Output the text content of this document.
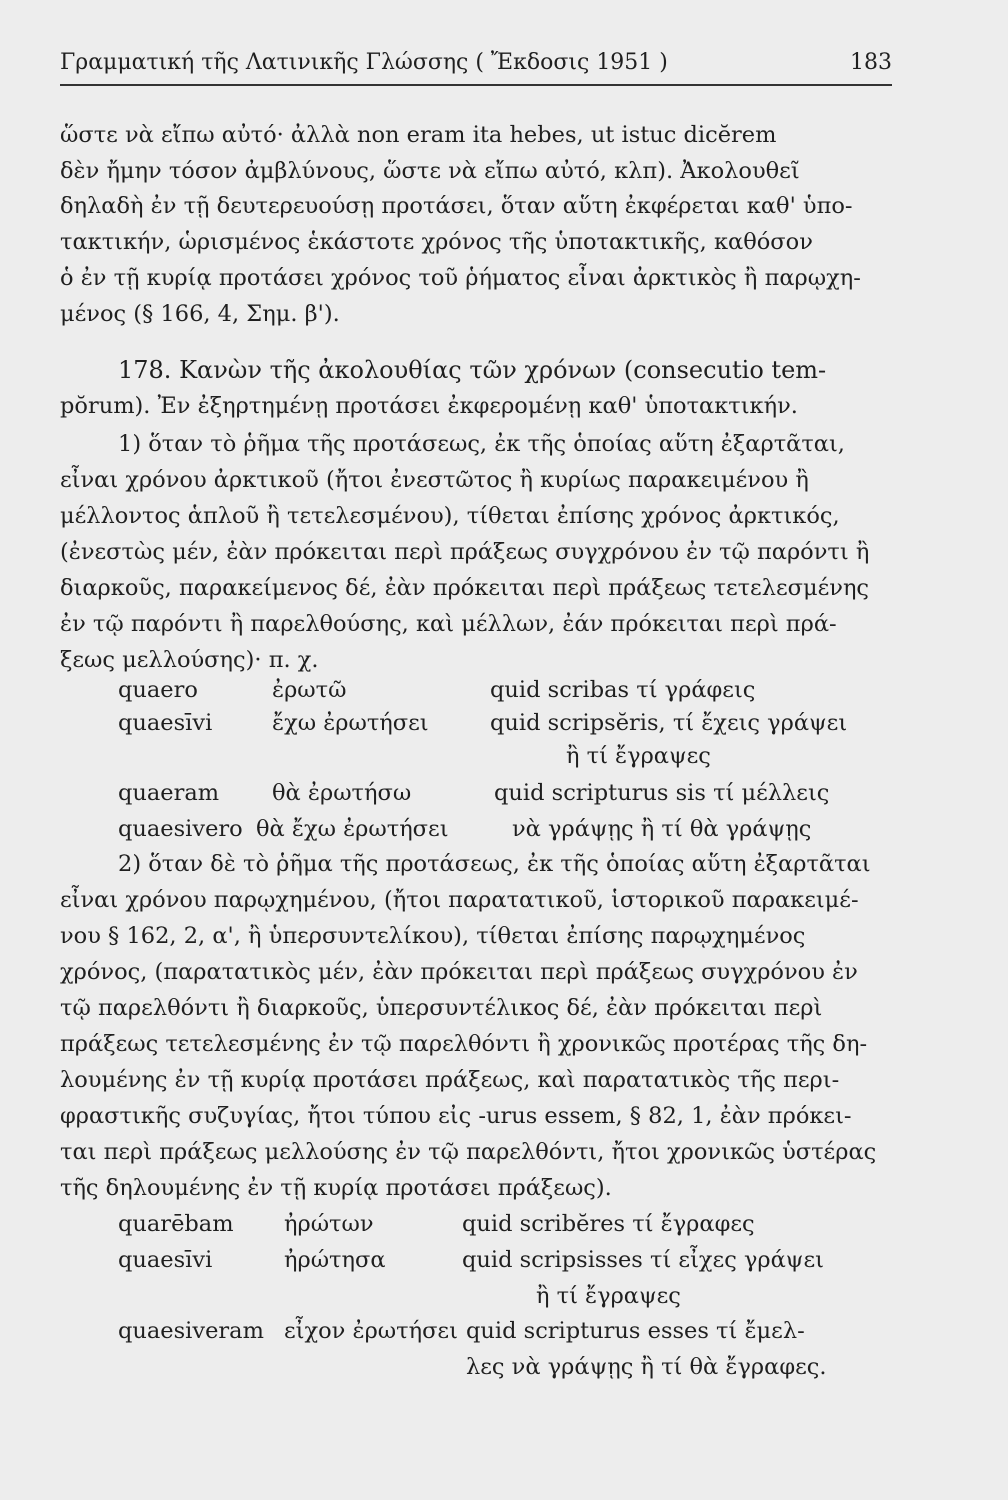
Γραμματική τῆς Λατινικῆς Γλώσσης ( Ἔκδοσις 1951 )	183
ὥστε νὰ εἴπω αὐτό· ἀλλὰ non eram ita hebes, ut istuc dicĕrem
δὲν ἤμην τόσον ἀμβλύνους, ὥστε νὰ εἴπω αὐτό, κλπ). Ἀκολουθεῖ
δηλαδὴ ἐν τῇ δευτερευούσῃ προτάσει, ὅταν αὕτη ἐκφέρεται καθ' ὑπο-
τακτικήν, ὡρισμένος ἑκάστοτε χρόνος τῆς ὑποτακτικῆς, καθόσον
ὁ ἐν τῇ κυρίᾳ προτάσει χρόνος τοῦ ῥήματος εἶναι ἀρκτικὸς ἢ παρῳχη-
μένος (§ 166, 4, Σημ. β').
178. Κανὼν τῆς ἀκολουθίας τῶν χρόνων (consecutio tem-
pŏrum). Ἐν ἐξηρτημένῃ προτάσει ἐκφερομένῃ καθ' ὑποτακτικήν.
1) ὅταν τὸ ῥῆμα τῆς προτάσεως, ἐκ τῆς ὁποίας αὕτη ἐξαρτᾶται,
εἶναι χρόνου ἀρκτικοῦ (ἤτοι ἐνεστῶτος ἢ κυρίως παρακειμένου ἢ
μέλλοντος ἁπλοῦ ἢ τετελεσμένου), τίθεται ἐπίσης χρόνος ἀρκτικός,
(ἐνεστὼς μέν, ἐὰν πρόκειται περὶ πράξεως συγχρόνου ἐν τῷ παρόντι ἢ
διαρκοῦς, παρακείμενος δέ, ἐὰν πρόκειται περὶ πράξεως τετελεσμένης
ἐν τῷ παρόντι ἢ παρελθούσης, καὶ μέλλων, ἐάν πρόκειται περὶ πρά-
ξεως μελλούσης)· π. χ.
quaero	ἐρωτῶ	quid scribas τί γράφεις
quaesīvi	ἔχω ἐρωτήσει	quid scripsĕris, τί ἔχεις γράψει
ἢ τί ἔγραψες
quaeram θὰ ἐρωτήσω	quid scripturus sis τί μέλλεις
quaesivero θὰ ἔχω ἐρωτήσει	νὰ γράψῃς ἢ τί θὰ γράψῃς
2) ὅταν δὲ τὸ ῥῆμα τῆς προτάσεως, ἐκ τῆς ὁποίας αὕτη ἐξαρτᾶται
εἶναι χρόνου παρῳχημένου, (ἤτοι παρατατικοῦ, ἱστορικοῦ παρακειμέ-
νου § 162, 2, α', ἢ ὑπερσυντελίκου), τίθεται ἐπίσης παρῳχημένος
χρόνος, (παρατατικὸς μέν, ἐὰν πρόκειται περὶ πράξεως συγχρόνου ἐν
τῷ παρελθόντι ἢ διαρκοῦς, ὑπερσυντέλικος δέ, ἐὰν πρόκειται περὶ
πράξεως τετελεσμένης ἐν τῷ παρελθόντι ἢ χρονικῶς προτέρας τῆς δη-
λουμένης ἐν τῇ κυρίᾳ προτάσει πράξεως, καὶ παρατατικὸς τῆς περι-
φραστικῆς συζυγίας, ἤτοι τύπου εἰς -urus essem, § 82, 1, ἐὰν πρόκει-
ται περὶ πράξεως μελλούσης ἐν τῷ παρελθόντι, ἤτοι χρονικῶς ὑστέρας
τῆς δηλουμένης ἐν τῇ κυρίᾳ προτάσει πράξεως).
quarēbam ἠρώτων	quid scribĕres τί ἔγραφες
quaesīvi	ἠρώτησα	quid scripsisses τί εἶχες γράψει
ἢ τί ἔγραψες
quaesiveram εἶχον ἐρωτήσει quid scripturus esses τί ἔμελ-
λες νὰ γράψῃς ἢ τί θὰ ἔγραφες.
